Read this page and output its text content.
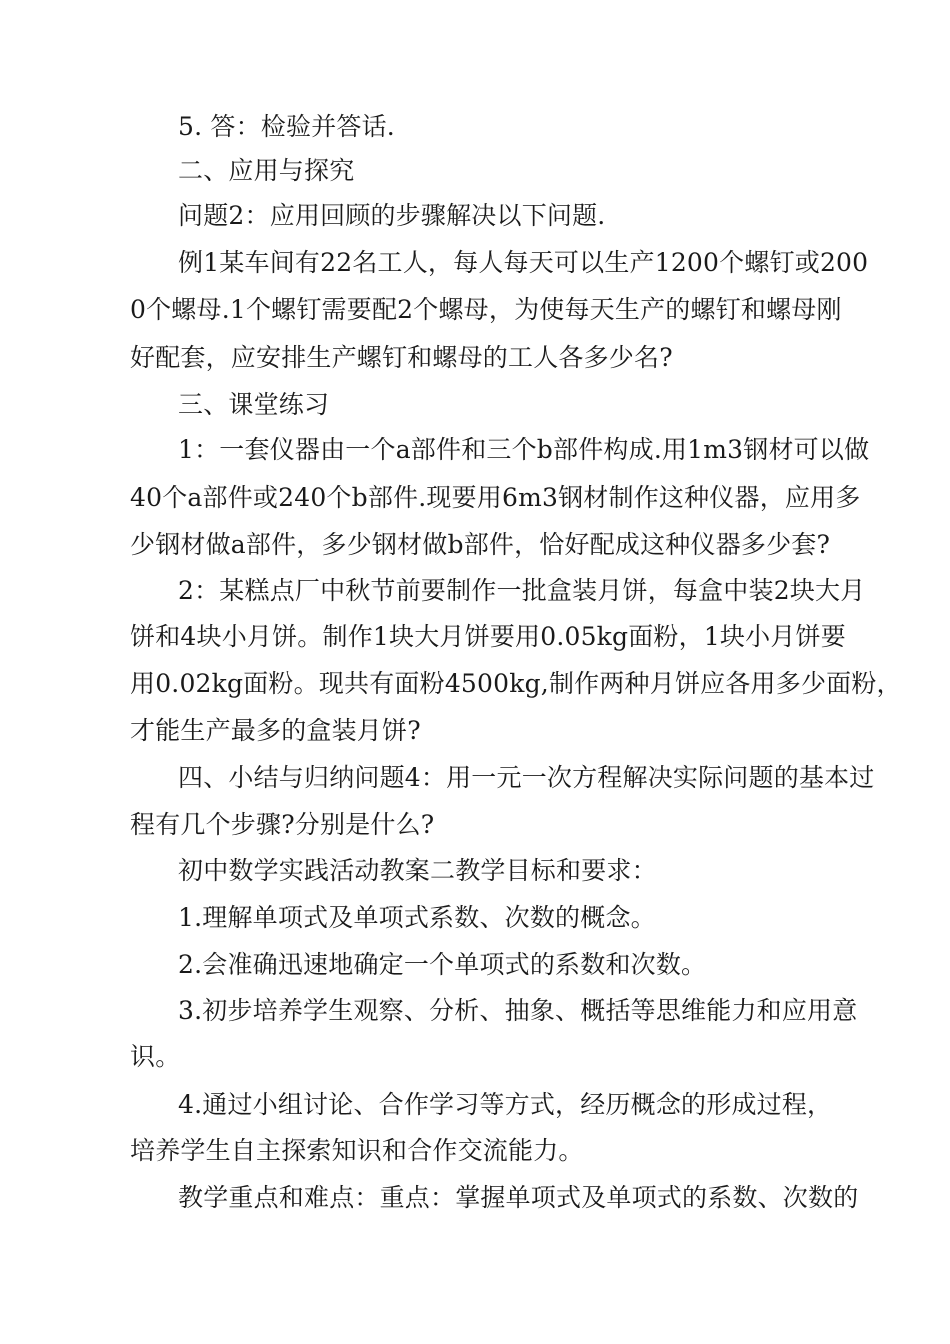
5. 答：检验并答话.
二、应用与探究
问题2：应用回顾的步骤解决以下问题.
例1某车间有22名工人，每人每天可以生产1200个螺钉或200
0个螺母.1个螺钉需要配2个螺母，为使每天生产的螺钉和螺母刚
好配套，应安排生产螺钉和螺母的工人各多少名?
三、课堂练习
1：一套仪器由一个a部件和三个b部件构成.用1m3钢材可以做
40个a部件或240个b部件.现要用6m3钢材制作这种仪器，应用多
少钢材做a部件，多少钢材做b部件，恰好配成这种仪器多少套?
2：某糕点厂中秋节前要制作一批盒装月饼，每盒中装2块大月
饼和4块小月饼。制作1块大月饼要用0.05kg面粉，1块小月饼要
用0.02kg面粉。现共有面粉4500kg,制作两种月饼应各用多少面粉，
才能生产最多的盒装月饼?
四、小结与归纳问题4：用一元一次方程解决实际问题的基本过
程有几个步骤?分别是什么?
初中数学实践活动教案二教学目标和要求：
1.理解单项式及单项式系数、次数的概念。
2.会准确迅速地确定一个单项式的系数和次数。
3.初步培养学生观察、分析、抽象、概括等思维能力和应用意
识。
4.通过小组讨论、合作学习等方式，经历概念的形成过程，
培养学生自主探索知识和合作交流能力。
教学重点和难点：重点：掌握单项式及单项式的系数、次数的
